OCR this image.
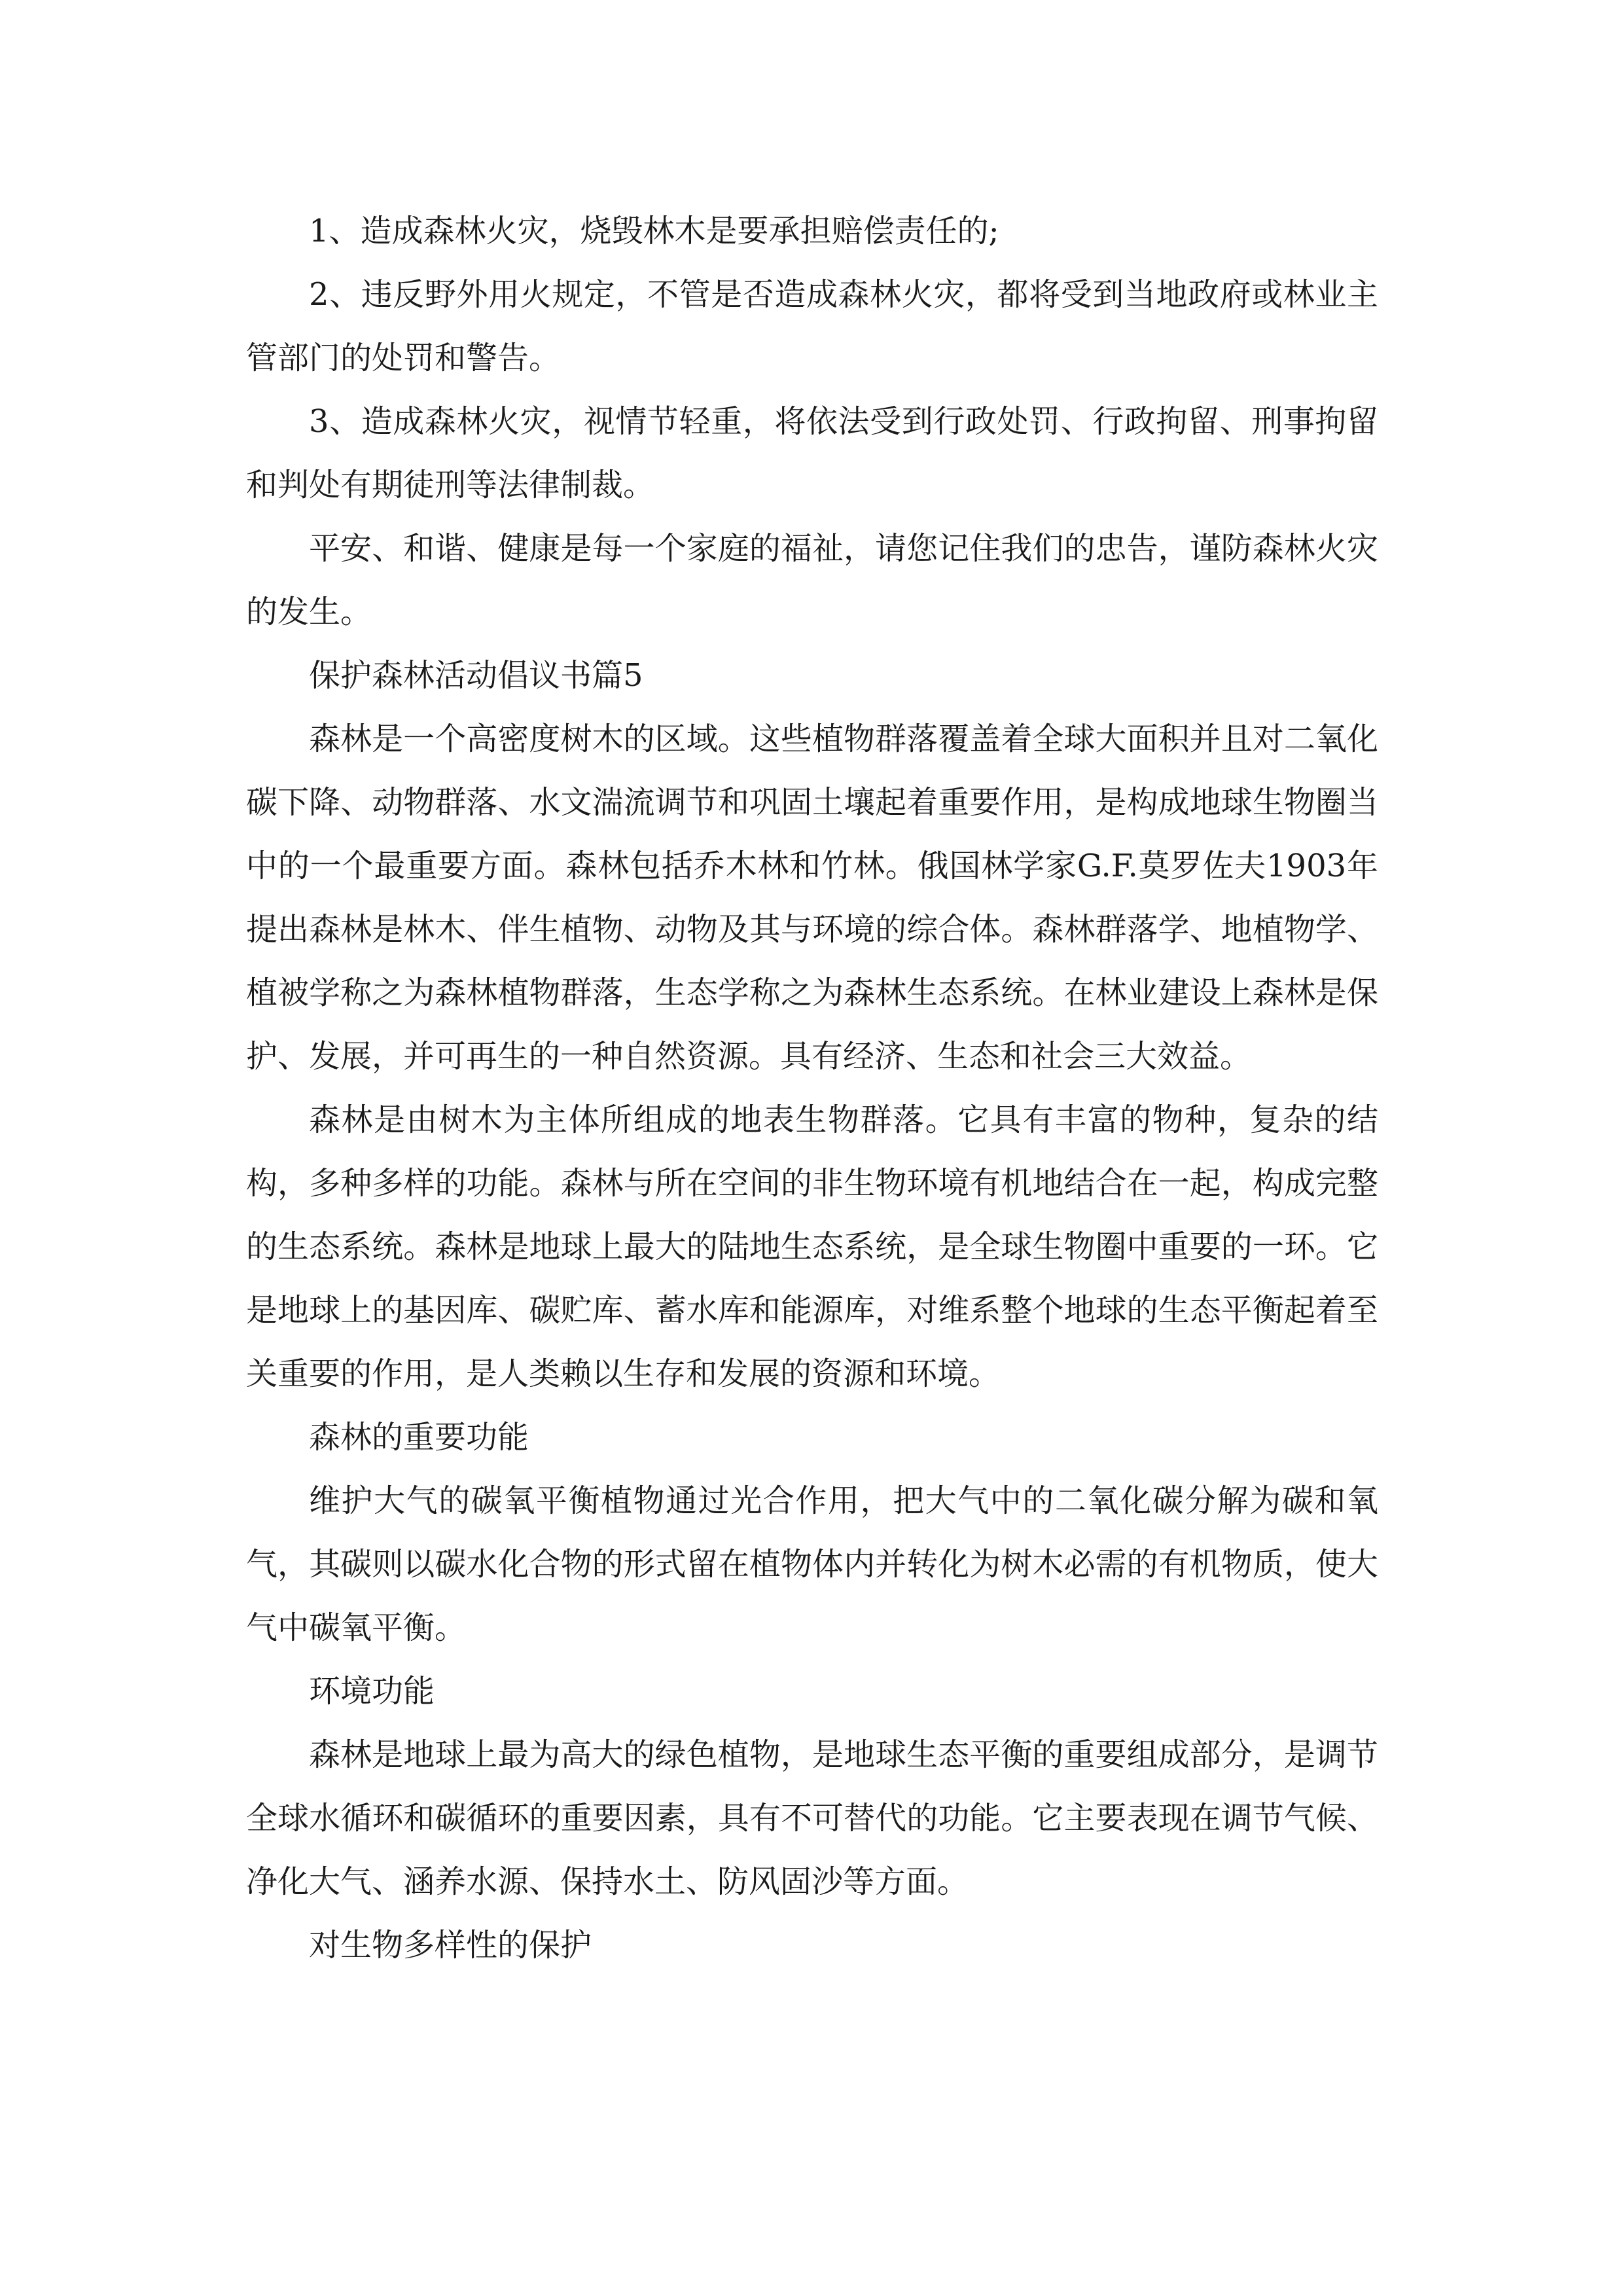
1、造成森林火灾，烧毁林木是要承担赔偿责任的;

2、违反野外用火规定，不管是否造成森林火灾，都将受到当地政府或林业主管部门的处罚和警告。

3、造成森林火灾，视情节轻重，将依法受到行政处罚、行政拘留、刑事拘留和判处有期徒刑等法律制裁。

平安、和谐、健康是每一个家庭的福祉，请您记住我们的忠告，谨防森林火灾的发生。

保护森林活动倡议书篇5

森林是一个高密度树木的区域。这些植物群落覆盖着全球大面积并且对二氧化碳下降、动物群落、水文湍流调节和巩固土壤起着重要作用，是构成地球生物圈当中的一个最重要方面。森林包括乔木林和竹林。俄国林学家G.F.莫罗佐夫1903年提出森林是林木、伴生植物、动物及其与环境的综合体。森林群落学、地植物学、植被学称之为森林植物群落，生态学称之为森林生态系统。在林业建设上森林是保护、发展，并可再生的一种自然资源。具有经济、生态和社会三大效益。

森林是由树木为主体所组成的地表生物群落。它具有丰富的物种，复杂的结构，多种多样的功能。森林与所在空间的非生物环境有机地结合在一起，构成完整的生态系统。森林是地球上最大的陆地生态系统，是全球生物圈中重要的一环。它是地球上的基因库、碳贮库、蓄水库和能源库，对维系整个地球的生态平衡起着至关重要的作用，是人类赖以生存和发展的资源和环境。

森林的重要功能

维护大气的碳氧平衡植物通过光合作用，把大气中的二氧化碳分解为碳和氧气，其碳则以碳水化合物的形式留在植物体内并转化为树木必需的有机物质，使大气中碳氧平衡。

环境功能

森林是地球上最为高大的绿色植物，是地球生态平衡的重要组成部分，是调节全球水循环和碳循环的重要因素，具有不可替代的功能。它主要表现在调节气候、净化大气、涵养水源、保持水土、防风固沙等方面。

对生物多样性的保护
